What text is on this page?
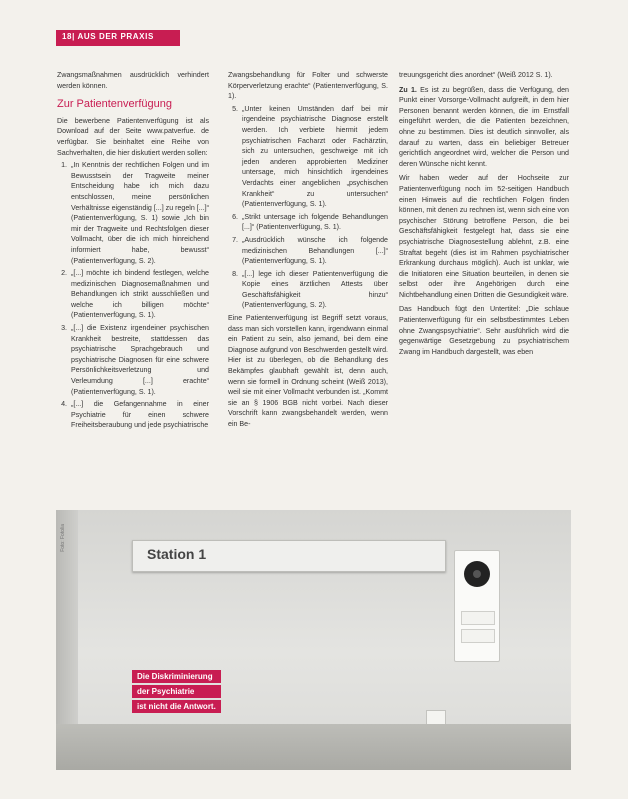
18| AUS DER PRAXIS

Zwangsmaßnahmen ausdrücklich verhindert werden können.

Zur Patientenverfügung

Die bewerbene Patientenverfügung ist als Download auf der Seite www.patverfue. de verfügbar. Sie beinhaltet eine Reihe von Sachverhalten, die hier diskutiert werden sollen:

1. „In Kenntnis der rechtlichen Folgen und im Bewusstsein der Tragweite meiner Entscheidung habe ich mich dazu entschlossen, meine persönlichen Verhältnisse eigenständig [...] zu regeln [...]“ (Patientenverfügung, S. 1) sowie „Ich bin mir der Tragweite und Rechtsfolgen dieser Vollmacht, über die ich mich hinreichend informiert habe, bewusst“ (Patientenverfügung, S. 2).
2. „[...] möchte ich bindend festlegen, welche medizinischen Diagnosemaßnahmen und Behandlungen ich strikt ausschließen und welche ich billigen möchte“ (Patientenverfügung, S. 1).
3. „[...] die Existenz irgendeiner psychischen Krankheit bestreite, stattdessen das psychiatrische Sprachgebrauch und psychiatrische Diagnosen für eine schwere Persönlichkeitsverletzung und Verleumdung [...] erachte“ (Patientenverfügung, S. 1).
4. „[...] die Gefangennahme in einer Psychiatrie für einen schwere Freiheitsberaubung und jede psychiatrische

Zwangsbehandlung für Folter und schwerste Körperverletzung erachte“ (Patientenverfügung, S. 1).

5. „Unter keinen Umständen darf bei mir irgendeine psychiatrische Diagnose erstellt werden. Ich verbiete hiermit jedem psychiatrischen Facharzt oder Fachärztin, sich zu untersuchen, geschweige mit ich jeden anderen approbierten Mediziner untersage, mich hinsichtlich irgendeines Verdachts einer angeblichen „psychischen Krankheit“ zu untersuchen“ (Patientenverfügung, S. 1).
6. „Strikt untersage ich folgende Behandlungen [...]“ (Patientenverfügung, S. 1).
7. „Ausdrücklich wünsche ich folgende medizinischen Behandlungen [...]“ (Patientenverfügung, S. 1).
8. „[...] lege ich dieser Patientenverfügung die Kopie eines ärztlichen Attests über Geschäftsfähigkeit hinzu“ (Patientenverfügung, S. 2).

Eine Patientenverfügung ist Begriff setzt voraus, dass man sich vorstellen kann, irgendwann einmal ein Patient zu sein, also jemand, bei dem eine Diagnose aufgrund von Beschwerden gestellt wird. Hier ist zu überlegen, ob die Behandlung des Bekämpfes glaubhaft gewählt ist, denn auch, wenn sie formell in Ordnung scheint (Weiß 2013), weil sie mit einer Vollmacht verbunden ist. „Kommt sie an § 1906 BGB nicht vorbei. Nach dieser Vorschrift kann zwangsbehandelt werden, wenn ein Be-

treuungsgericht dies anordnet“ (Weiß 2012 S. 1).

Zu 1. Es ist zu begrüßen, dass die Verfügung, den Punkt einer Vorsorge-Vollmacht aufgreift, in dem hier Personen benannt werden können, die im Ernstfall eingeführt werden, die die Patienten bezeichnen, ohne zu bestimmen. Dies ist deutlich sinnvoller, als darauf zu warten, dass ein beliebiger Betreuer gerichtlich angeordnet wird, welcher die Person und deren Wünsche nicht kennt.

Wir haben weder auf der Hochseite zur Patientenverfügung noch im 52-seitigen Handbuch einen Hinweis auf die rechtlichen Folgen finden können, mit denen zu rechnen ist, wenn sich eine von psychischer Störung betroffene Person, die bei Geschäftsfähigkeit festgelegt hat, dass sie eine psychiatrische Diagnosestellung ablehnt, z.B. eine Straftat begeht (dies ist im Rahmen psychiatrischer Erkrankung durchaus möglich). Auch ist unklar, wie die Initiatoren eine Situation beurteilen, in denen sie selbst oder ihre Angehörigen durch eine Nichtbehandlung einen Dritten die Gesundigkeit wäre.

Das Handbuch fügt den Untertitel: „Die schlaue Patientenverfügung für ein selbstbestimmtes Leben ohne Zwangspsychiatrie“. Sehr ausführlich wird die gegenwärtige Gesetzgebung zu psychiatrischem Zwang im Handbuch dargestellt, was eben

Foto: Fotolia
Station 1
Die Diskriminierung
der Psychiatrie
ist nicht die Antwort.
